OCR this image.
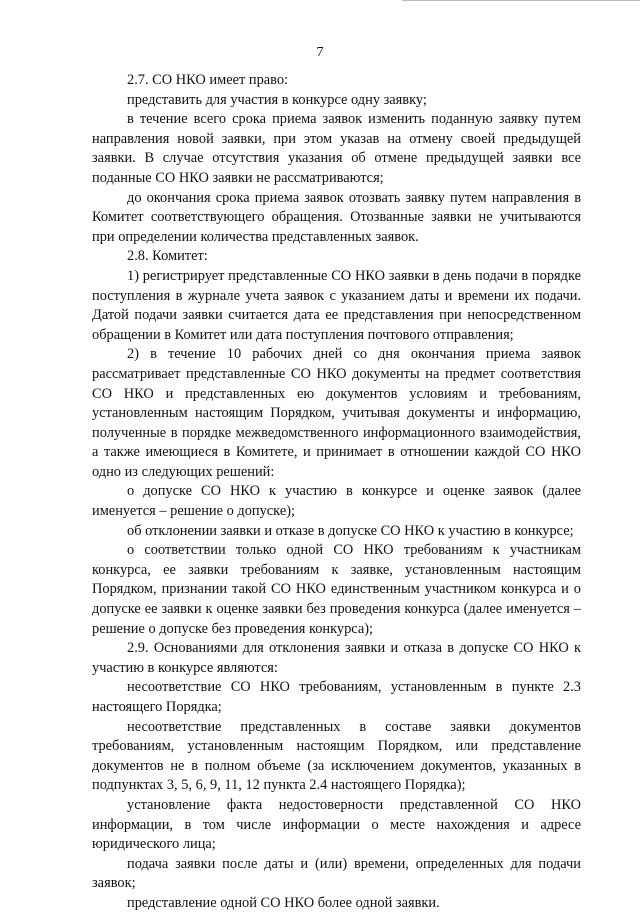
7

2.7. СО НКО имеет право:

представить для участия в конкурсе одну заявку;

в течение всего срока приема заявок изменить поданную заявку путем направления новой заявки, при этом указав на отмену своей предыдущей заявки. В случае отсутствия указания об отмене предыдущей заявки все поданные СО НКО заявки не рассматриваются;

до окончания срока приема заявок отозвать заявку путем направления в Комитет соответствующего обращения. Отозванные заявки не учитываются при определении количества представленных заявок.

2.8. Комитет:

1) регистрирует представленные СО НКО заявки в день подачи в порядке поступления в журнале учета заявок с указанием даты и времени их подачи. Датой подачи заявки считается дата ее представления при непосредственном обращении в Комитет или дата поступления почтового отправления;

2) в течение 10 рабочих дней со дня окончания приема заявок рассматривает представленные СО НКО документы на предмет соответствия СО НКО и представленных ею документов условиям и требованиям, установленным настоящим Порядком, учитывая документы и информацию, полученные в порядке межведомственного информационного взаимодействия, а также имеющиеся в Комитете, и принимает в отношении каждой СО НКО одно из следующих решений:

о допуске СО НКО к участию в конкурсе и оценке заявок (далее именуется – решение о допуске);

об отклонении заявки и отказе в допуске СО НКО к участию в конкурсе;

о соответствии только одной СО НКО требованиям к участникам конкурса, ее заявки требованиям к заявке, установленным настоящим Порядком, признании такой СО НКО единственным участником конкурса и о допуске ее заявки к оценке заявки без проведения конкурса (далее именуется – решение о допуске без проведения конкурса);

2.9. Основаниями для отклонения заявки и отказа в допуске СО НКО к участию в конкурсе являются:

несоответствие СО НКО требованиям, установленным в пункте 2.3 настоящего Порядка;

несоответствие представленных в составе заявки документов требованиям, установленным настоящим Порядком, или представление документов не в полном объеме (за исключением документов, указанных в подпунктах 3, 5, 6, 9, 11, 12 пункта 2.4 настоящего Порядка);

установление факта недостоверности представленной СО НКО информации, в том числе информации о месте нахождения и адресе юридического лица;

подача заявки после даты и (или) времени, определенных для подачи заявок;

представление одной СО НКО более одной заявки.
